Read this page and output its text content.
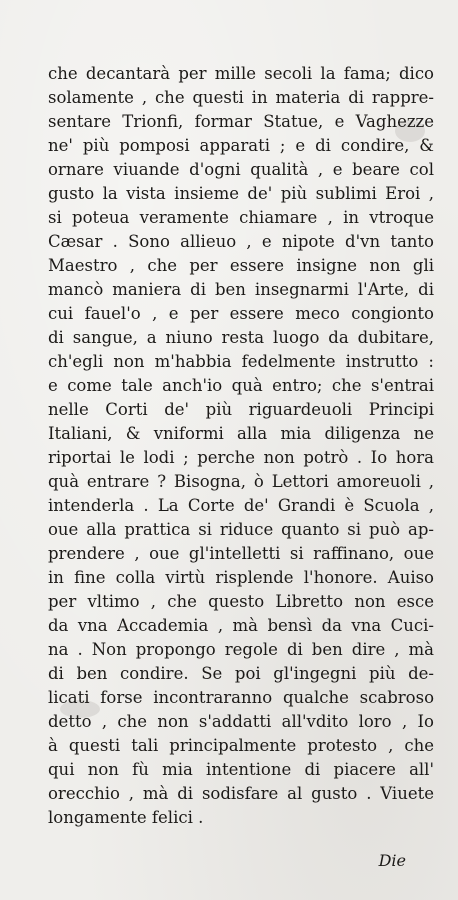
che decantarà per mille secoli la fama; dico
solamente , che questi in materia di rappre-
sentare Trionfi, formar Statue, e Vaghezze
ne' più pomposi apparati ; e di condire, &
ornare viuande d'ogni qualità , e beare col
gusto la vista insieme de' più sublimi Eroi ,
si poteua veramente chiamare , in vtroque
Cæsar . Sono allieuo , e nipote d'vn tanto
Maestro , che per essere insigne non gli
mancò maniera di ben insegnarmi l'Arte, di
cui fauel'o , e per essere meco congionto
di sangue, a niuno resta luogo da dubitare,
ch'egli non m'habbia fedelmente instrutto :
e come tale anch'io quà entro; che s'entrai
nelle Corti de' più riguardeuoli Principi
Italiani, & vniformi alla mia diligenza ne
riportai le lodi ; perche non potrò . Io hora
quà entrare ? Bisogna, ò Lettori amoreuoli ,
intenderla . La Corte de' Grandi è Scuola ,
oue alla prattica si riduce quanto si può ap-
prendere , oue gl'intelletti si raffinano, oue
in fine colla virtù risplende l'honore. Auiso
per vltimo , che questo Libretto non esce
da vna Accademia , mà bensì da vna Cuci-
na . Non propongo regole di ben dire , mà
di ben condire. Se poi gl'ingegni più de-
licati forse incontraranno qualche scabroso
detto , che non s'addatti all'vdito loro , Io
à questi tali principalmente protesto , che
qui non fù mia intentione di piacere all'
orecchio , mà di sodisfare al gusto . Viuete
longamente felici .
Die
